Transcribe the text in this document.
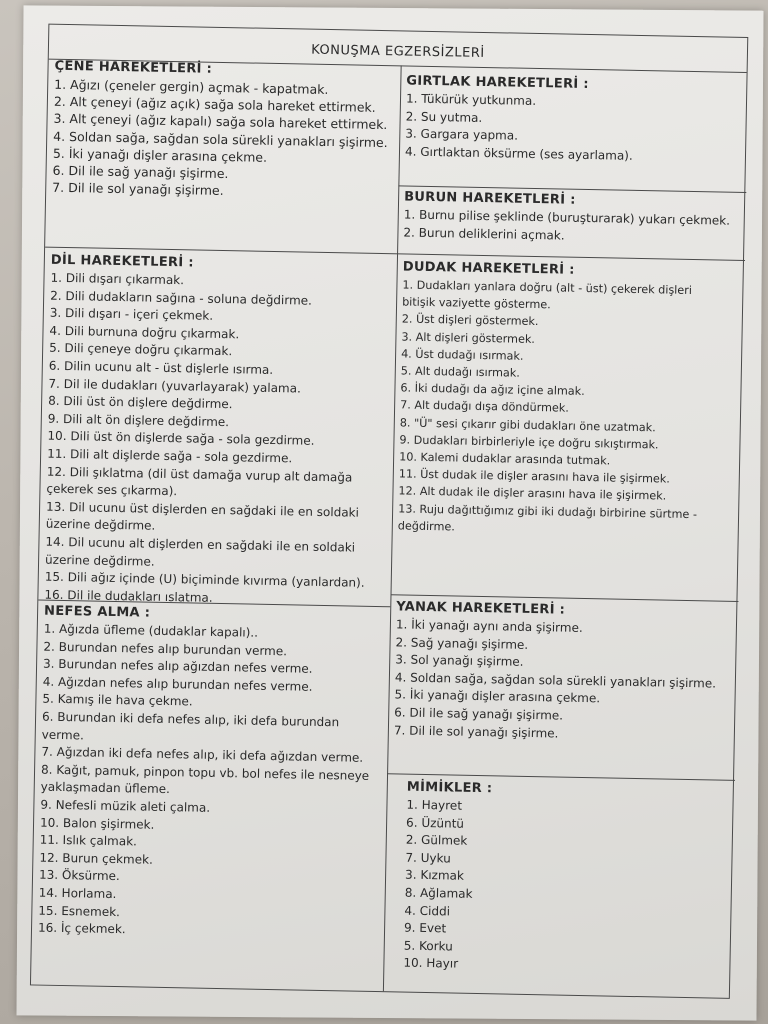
KONUŞMA EGZERSİZLERİ
ÇENE HAREKETLERİ :
1. Ağızı (çeneler gergin) açmak - kapatmak.
2. Alt çeneyi (ağız açık) sağa sola hareket ettirmek.
3. Alt çeneyi (ağız kapalı) sağa sola hareket ettirmek.
4. Soldan sağa, sağdan sola sürekli yanakları şişirme.
5. İki yanağı dişler arasına çekme.
6. Dil ile sağ yanağı şişirme.
7. Dil ile sol yanağı şişirme.
GIRTLAK HAREKETLERİ :
1. Tükürük yutkunma.
2. Su yutma.
3. Gargara yapma.
4. Gırtlaktan öksürme (ses ayarlama).
BURUN HAREKETLERİ :
1. Burnu pilise şeklinde (buruşturarak) yukarı çekmek.
2. Burun deliklerini açmak.
DİL HAREKETLERİ :
1. Dili dışarı çıkarmak.
2. Dili dudakların sağına - soluna değdirme.
3. Dili dışarı - içeri çekmek.
4. Dili burnuna doğru çıkarmak.
5. Dili çeneye doğru çıkarmak.
6. Dilin ucunu alt - üst dişlerle ısırma.
7. Dil ile dudakları (yuvarlayarak) yalama.
8. Dili üst ön dişlere değdirme.
9. Dili alt ön dişlere değdirme.
10. Dili üst ön dişlerde sağa - sola gezdirme.
11. Dili alt dişlerde sağa - sola gezdirme.
12. Dili şıklatma (dil üst damağa vurup alt damağa
çekerek ses çıkarma).
13. Dil ucunu üst dişlerden en sağdaki ile en soldaki
üzerine değdirme.
14. Dil ucunu alt dişlerden en sağdaki ile en soldaki
üzerine değdirme.
15. Dili ağız içinde (U) biçiminde kıvırma (yanlardan).
16. Dil ile dudakları ıslatma.
DUDAK HAREKETLERİ :
1. Dudakları yanlara doğru (alt - üst) çekerek dişleri
bitişik vaziyette gösterme.
2. Üst dişleri göstermek.
3. Alt dişleri göstermek.
4. Üst dudağı ısırmak.
5. Alt dudağı ısırmak.
6. İki dudağı da ağız içine almak.
7. Alt dudağı dışa döndürmek.
8. "Ü" sesi çıkarır gibi dudakları öne uzatmak.
9. Dudakları birbirleriyle içe doğru sıkıştırmak.
10. Kalemi dudaklar arasında tutmak.
11. Üst dudak ile dişler arasını hava ile şişirmek.
12. Alt dudak ile dişler arasını hava ile şişirmek.
13. Ruju dağıttığımız gibi iki dudağı birbirine sürtme -
değdirme.
NEFES ALMA :
1. Ağızda üfleme (dudaklar kapalı)..
2. Burundan nefes alıp burundan verme.
3. Burundan nefes alıp ağızdan nefes verme.
4. Ağızdan nefes alıp burundan nefes verme.
5. Kamış ile hava çekme.
6. Burundan iki defa nefes alıp, iki defa burundan
verme.
7. Ağızdan iki defa nefes alıp, iki defa ağızdan verme.
8. Kağıt, pamuk, pinpon topu vb. bol nefes ile nesneye
yaklaşmadan üfleme.
9. Nefesli müzik aleti çalma.
10. Balon şişirmek.
11. Islık çalmak.
12. Burun çekmek.
13. Öksürme.
14. Horlama.
15. Esnemek.
16. İç çekmek.
YANAK HAREKETLERİ :
1. İki yanağı aynı anda şişirme.
2. Sağ yanağı şişirme.
3. Sol yanağı şişirme.
4. Soldan sağa, sağdan sola sürekli yanakları şişirme.
5. İki yanağı dişler arasına çekme.
6. Dil ile sağ yanağı şişirme.
7. Dil ile sol yanağı şişirme.
MİMİKLER :
1. Hayret
6. Üzüntü
2. Gülmek
7. Uyku
3. Kızmak
8. Ağlamak
4. Ciddi
9. Evet
5. Korku
10. Hayır
